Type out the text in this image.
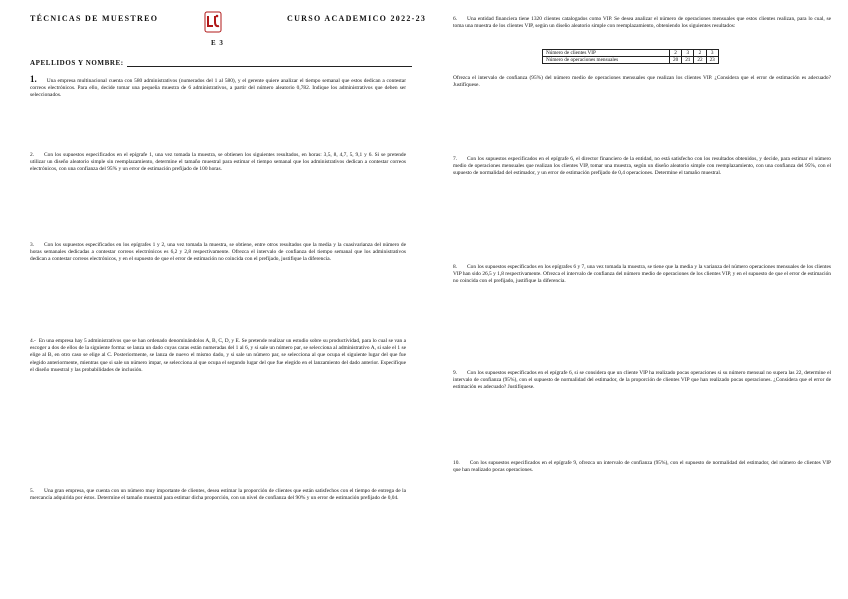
TÉCNICAS DE MUESTREO	CURSO ACADEMICO 2022-23
E 3
APELLIDOS Y NOMBRE:
1. Una empresa multinacional cuenta con 580 administrativos (numerados del 1 al 580), y el gerente quiere analizar el tiempo semanal que estos dedican a contestar correos electrónicos. Para ello, decide tomar una pequeña muestra de 6 administrativos, a partir del número aleatorio 0,782. Indique los administrativos que deben ser seleccionados.
2. Con los supuestos especificados en el epígrafe 1, una vez tomada la muestra, se obtienen los siguientes resultados, en horas: 3,5, 8, 4,7, 5, 9,1 y 6. Si se pretende utilizar un diseño aleatorio simple sin reemplazamiento, determine el tamaño muestral para estimar el tiempo semanal que los administrativos dedican a contestar correos electrónicos, con una confianza del 95% y un error de estimación prefijado de 100 horas.
3. Con los supuestos especificados en los epígrafes 1 y 2, una vez tomada la muestra, se obtiene, entre otros resultados que la media y la cuasivarianza del número de horas semanales dedicadas a contestar correos electrónicos es 6,2 y 2,8 respectivamente. Ofrezca el intervalo de confianza del tiempo semanal que los administrativos dedican a contestar correos electrónicos, y en el supuesto de que el error de estimación no coincida con el prefijado, justifique la diferencia.
4.- En una empresa hay 5 administrativos que se han ordenado denominándolos A, B, C, D, y E. Se pretende realizar un estudio sobre su productividad, para lo cual se van a escoger a dos de ellos de la siguiente forma: se lanza un dado cuyas caras están numeradas del 1 al 6, y si sale un número par, se selecciona al administrativo A, si sale el 1 se elige al B, en otro caso se elige al C. Posteriormente, se lanza de nuevo el mismo dado, y si sale un número par, se selecciona al que ocupa el siguiente lugar del que fue elegido anteriormente, mientras que si sale un número impar, se selecciona al que ocupa el segundo lugar del que fue elegido en el lanzamiento del dado anterior. Especifique el diseño muestral y las probabilidades de inclusión.
5. Una gran empresa, que cuenta con un número muy importante de clientes, desea estimar la proporción de clientes que están satisfechos con el tiempo de entrega de la mercancía adquirida por éstos. Determine el tamaño muestral para estimar dicha proporción, con un nivel de confianza del 90% y un error de estimación prefijado de 0,04.
6. Una entidad financiera tiene 1320 clientes catalogados como VIP. Se desea analizar el número de operaciones mensuales que estos clientes realizan, para lo cual, se toma una muestra de los clientes VIP, según un diseño aleatorio simple con reemplazamiento, obteniendo los siguientes resultados:
Número de clientes VIP	2	3	2	3
Número de operaciones mensuales	20	21	22	23
Ofrezca el intervalo de confianza (95%) del número medio de operaciones mensuales que realizan los clientes VIP. ¿Considera que el error de estimación es adecuado? Justifíquese.
7. Con los supuestos especificados en el epígrafe 6, el director financiero de la entidad, no está satisfecho con los resultados obtenidos, y decide, para estimar el número medio de operaciones mensuales que realizan los clientes VIP, tomar una muestra, según un diseño aleatorio simple con reemplazamiento, con una confianza del 95%, con el supuesto de normalidad del estimador, y un error de estimación prefijado de 0,4 operaciones. Determine el tamaño muestral.
8. Con los supuestos especificados en los epígrafes 6 y 7, una vez tomada la muestra, se tiene que la media y la varianza del número operaciones mensuales de los clientes VIP han sido 26,5 y 1,8 respectivamente. Ofrezca el intervalo de confianza del número medio de operaciones de los clientes VIP, y en el supuesto de que el error de estimación no coincida con el prefijado, justifique la diferencia.
9. Con los supuestos especificados en el epígrafe 6, si se considera que un cliente VIP ha realizado pocas operaciones si su número mensual no supera las 22, determine el intervalo de confianza (95%), con el supuesto de normalidad del estimador, de la proporción de clientes VIP que han realizado pocas operaciones. ¿Considera que el error de estimación es adecuado? Justifíquese.
10. Con los supuestos especificados en el epígrafe 9, ofrezca un intervalo de confianza (95%), con el supuesto de normalidad del estimador, del número de clientes VIP que han realizado pocas operaciones.
